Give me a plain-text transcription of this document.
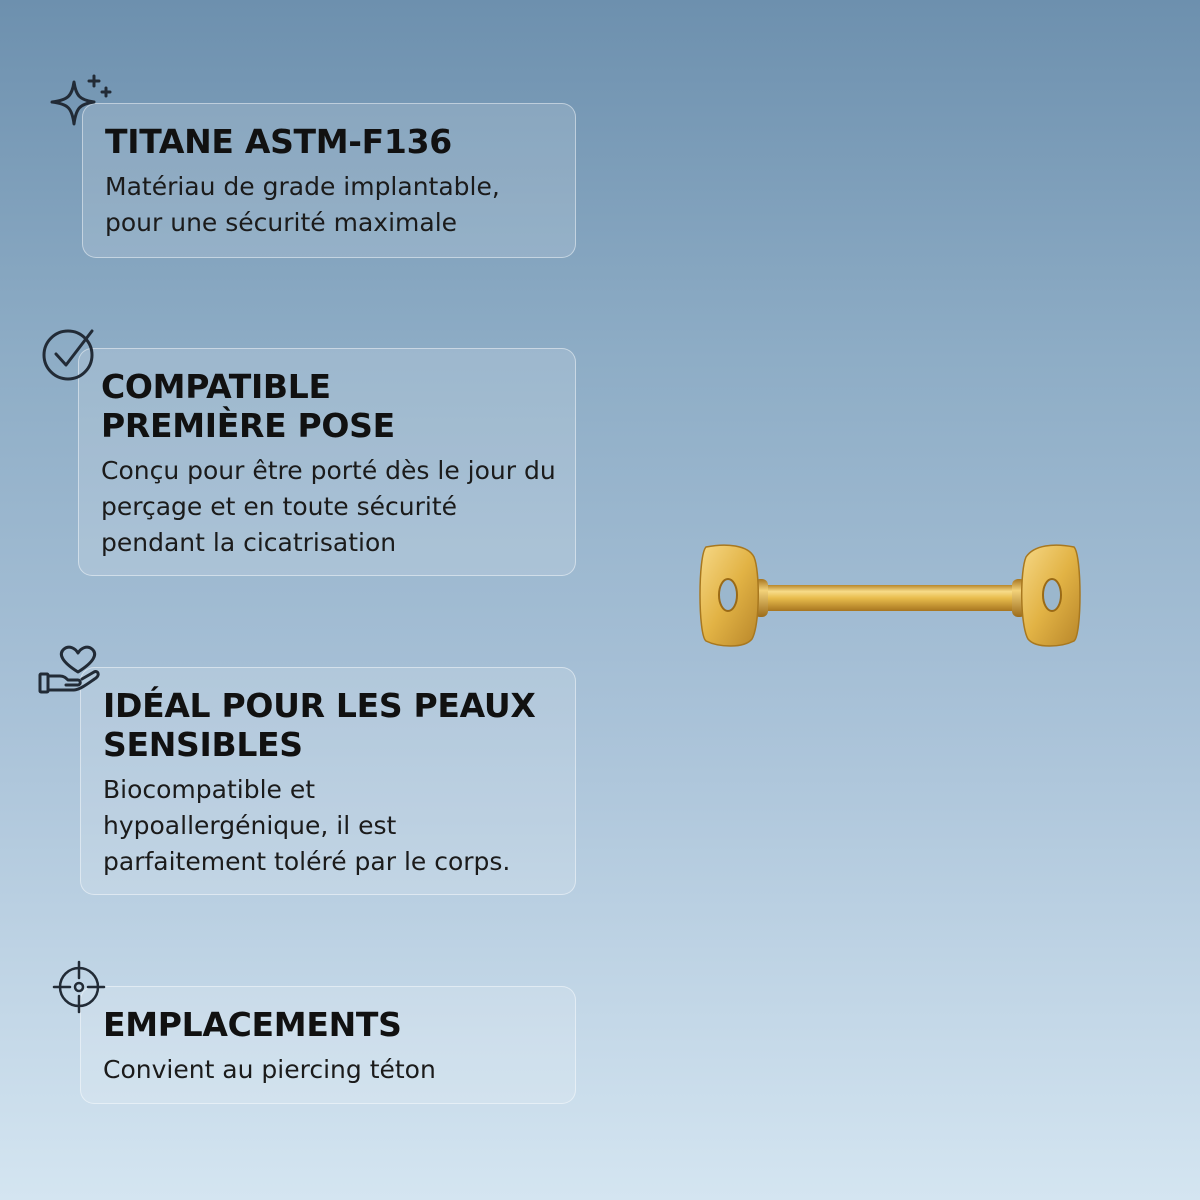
TITANE ASTM-F136

Matériau de grade implantable, pour une sécurité maximale

COMPATIBLE PREMIÈRE POSE

Conçu pour être porté dès le jour du perçage et en toute sécurité pendant la cicatrisation

IDÉAL POUR LES PEAUX SENSIBLES

Biocompatible et hypoallergénique, il est parfaitement toléré par le corps.

EMPLACEMENTS

Convient au piercing téton
